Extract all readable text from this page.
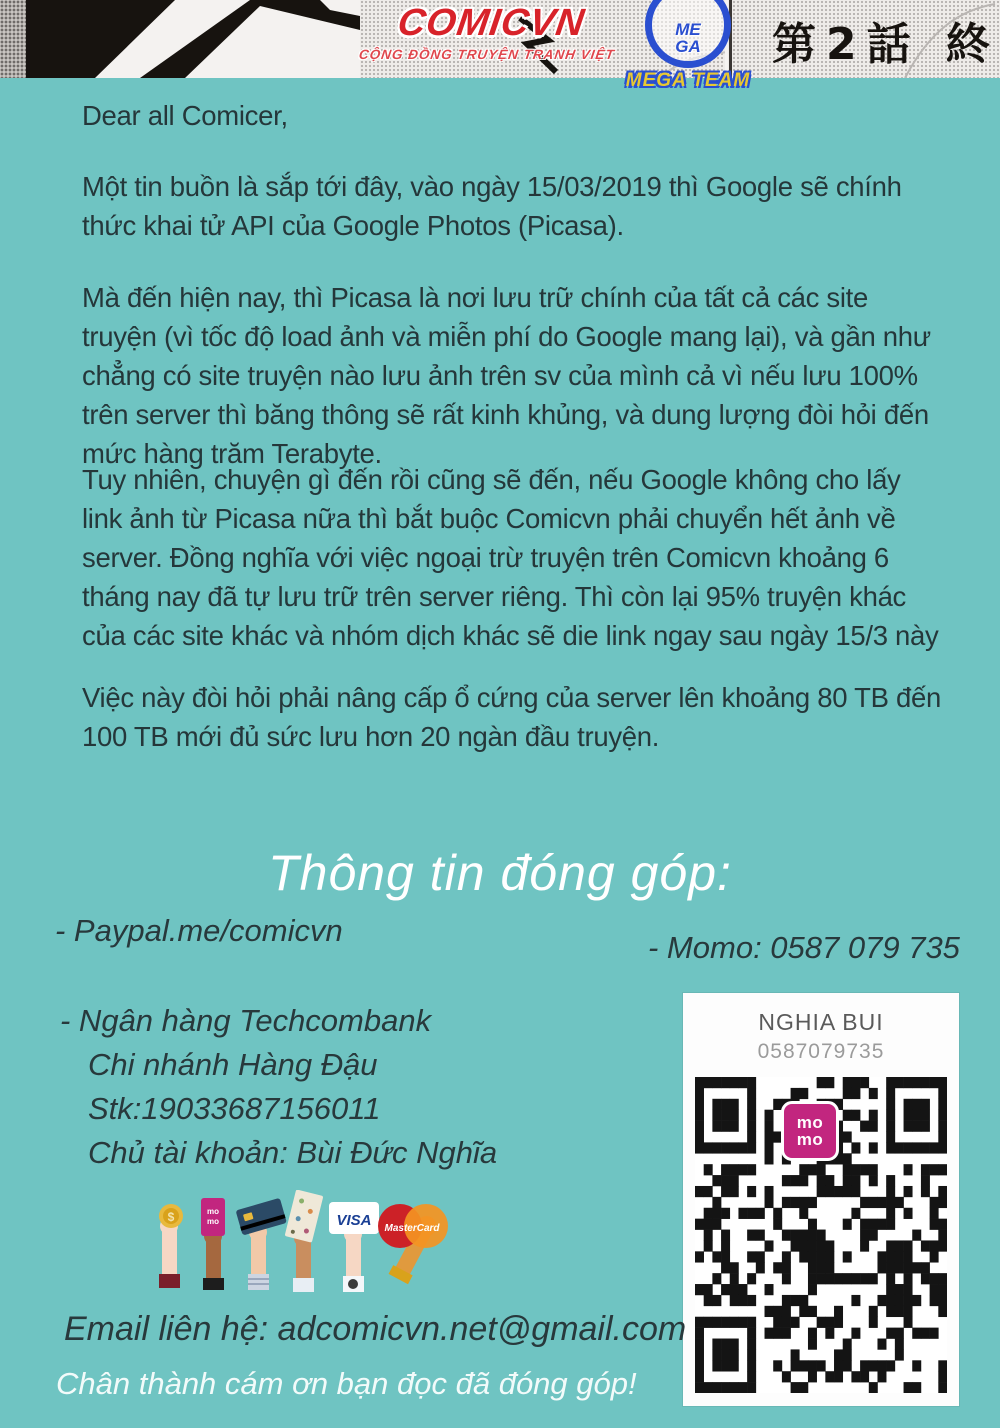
COMICVN
CỘNG ĐỒNG TRUYỆN TRANH VIỆT
ME
GA
MEGA TEAM
第2話 終
Dear all Comicer,
Một tin buồn là sắp tới đây, vào ngày 15/03/2019 thì Google sẽ chính thức khai tử API của Google Photos (Picasa).
Mà đến hiện nay, thì Picasa là nơi lưu trữ chính của tất cả các site truyện (vì tốc độ load ảnh và miễn phí do Google mang lại), và gần như chẳng có site truyện nào lưu ảnh trên sv của mình cả vì nếu lưu 100% trên server thì băng thông sẽ rất kinh khủng, và dung lượng đòi hỏi đến mức hàng trăm Terabyte.
Tuy nhiên, chuyện gì đến rồi cũng sẽ đến, nếu Google không cho lấy link ảnh từ Picasa nữa thì bắt buộc Comicvn phải chuyển hết ảnh về server. Đồng nghĩa với việc ngoại trừ truyện trên Comicvn khoảng 6 tháng nay đã tự lưu trữ trên server riêng. Thì còn lại 95% truyện khác của các site khác và nhóm dịch khác sẽ die link ngay sau ngày 15/3 này
Việc này đòi hỏi phải nâng cấp ổ cứng của server lên khoảng 80 TB đến 100 TB mới đủ sức lưu hơn 20 ngàn đầu truyện.
Thông tin đóng góp:
- Paypal.me/comicvn	- Momo: 0587 079 735
- Ngân hàng Techcombank
Chi nhánh Hàng Đậu
Stk:19033687156011
Chủ tài khoản: Bùi Đức Nghĩa
$	mo
mo	VISA MasterCard
NGHIA BUI
0587079735
mo
mo
Email liên hệ: adcomicvn.net@gmail.com
Chân thành cám ơn bạn đọc đã đóng góp!
